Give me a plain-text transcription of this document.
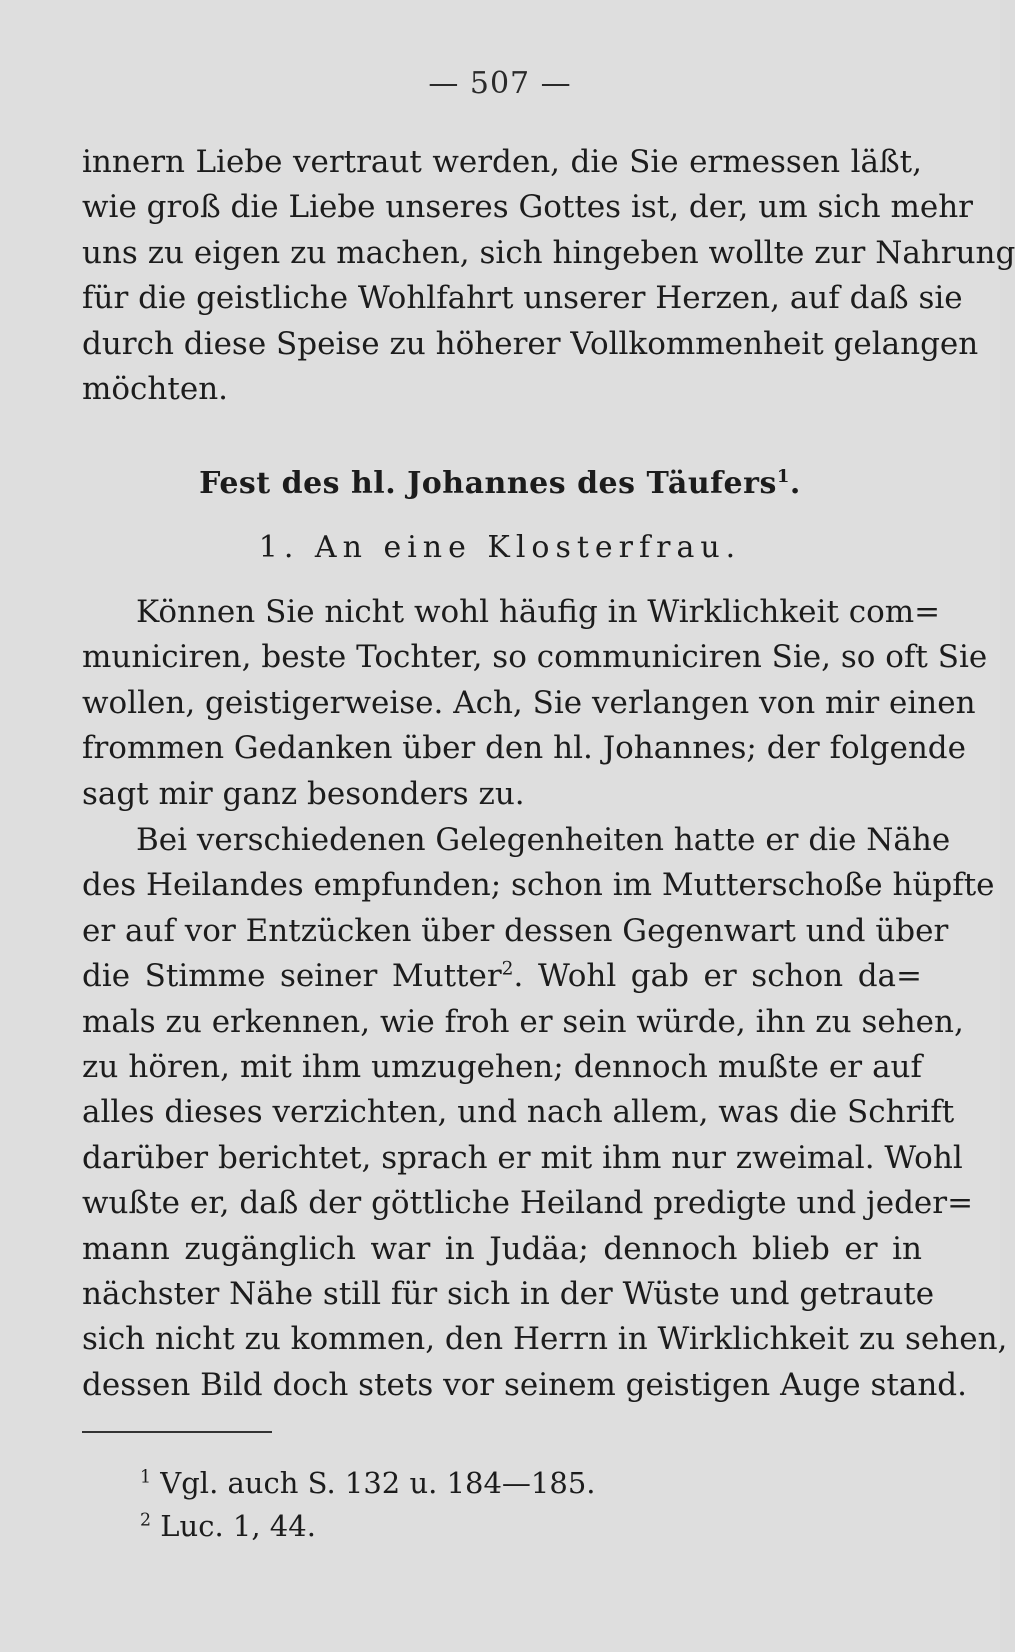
— 507 —
innern Liebe vertraut werden, die Sie ermessen läßt,
wie groß die Liebe unseres Gottes ist, der, um sich mehr
uns zu eigen zu machen, sich hingeben wollte zur Nahrung
für die geistliche Wohlfahrt unserer Herzen, auf daß sie
durch diese Speise zu höherer Vollkommenheit gelangen
möchten.
Fest des hl. Johannes des Täufers$^1$.
1. An eine Klosterfrau.
Können Sie nicht wohl häufig in Wirklichkeit com=
municiren, beste Tochter, so communiciren Sie, so oft Sie
wollen, geistigerweise. Ach, Sie verlangen von mir einen
frommen Gedanken über den hl. Johannes; der folgende
sagt mir ganz besonders zu.
Bei verschiedenen Gelegenheiten hatte er die Nähe
des Heilandes empfunden; schon im Mutterschoße hüpfte
er auf vor Entzücken über dessen Gegenwart und über
die Stimme seiner Mutter$^2$. Wohl gab er schon da=
mals zu erkennen, wie froh er sein würde, ihn zu sehen,
zu hören, mit ihm umzugehen; dennoch mußte er auf
alles dieses verzichten, und nach allem, was die Schrift
darüber berichtet, sprach er mit ihm nur zweimal. Wohl
wußte er, daß der göttliche Heiland predigte und jeder=
mann zugänglich war in Judäa; dennoch blieb er in
nächster Nähe still für sich in der Wüste und getraute
sich nicht zu kommen, den Herrn in Wirklichkeit zu sehen,
dessen Bild doch stets vor seinem geistigen Auge stand.
$^1$ Vgl. auch S. 132 u. 184—185.
$^2$ Luc. 1, 44.
